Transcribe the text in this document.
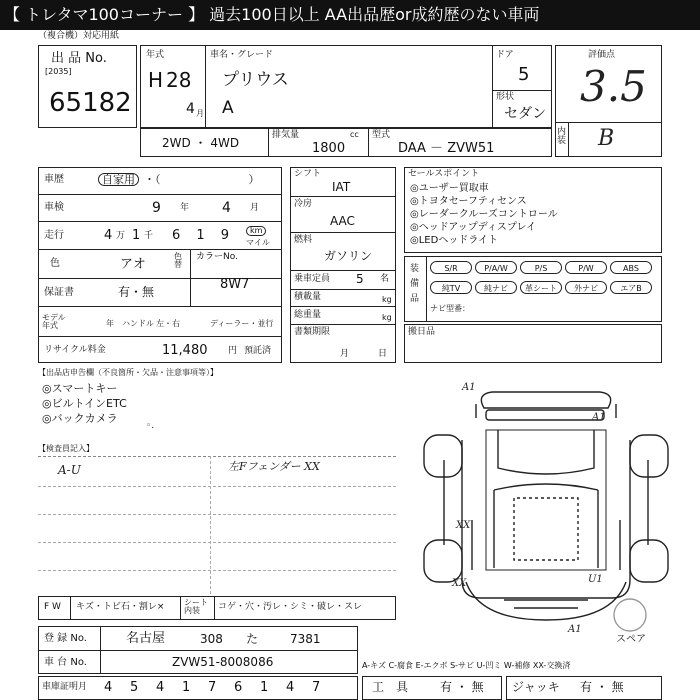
【 トレタマ100コーナー 】 過去100日以上 AA出品歴or成約歴のない車両
（複合機）対応用紙
出 品 No.
[2035]
65182
年式
H 28
4 月
車名・グレード
プリウス
A
ドア
5
形状
セダン
評価点
3.5
内装 B
2WD ・ 4WD
排気量	cc
1800
型式
DAA － ZVW51
車歴	自家用 ・（　　　　　　　　）
車検	9 年 4 月
走行	4 万 1 千 6 1 9	km
マイル
色	アオ
色替
カラーNo.
8W7
保証書	有・無
モデル年式	年 ハンドル 左・右	ディーラー・並行
リサイクル料金	11,480 円 預託済
シフト
IAT
冷房
AAC
燃料
ガソリン
乗車定員 5 名
積載量	kg
総重量	kg
書類期限
月	日
セールスポイント
◎ユーザー買取車
◎トヨタセーフティセンス
◎レーダークルーズコントロール
◎ヘッドアップディスプレイ
◎LEDヘッドライト
装備品
S/R	P/A/W	P/S	P/W	ABS
純TV	純ナビ	革シート	外ナビ	エアB
ナビ型番：
搬日品
【出品店申告欄（不良箇所・欠品・注意事項等）】
◎スマートキー
◎ビルトインETC
◎バックカメラ
◦.
【検査員記入】
A-U	左Fフェンダー XX
A1
A1
XX
XX	U1
A1
スペア
F W キズ・トビ石・割レ× シート内装	コゲ・穴・汚レ・シミ・破レ・スレ
登 録 No.	名古屋	308 た	7381
車 台 No.	ZVW51-8008086	A-キズ C-腐食 E-エクボ S-サビ U-凹ミ W-補修 XX-交換済
車庫証明月 4 5 4 1 7 6 1 4 7	工　具	有 ・ 無 ジャッキ 有 ・ 無
